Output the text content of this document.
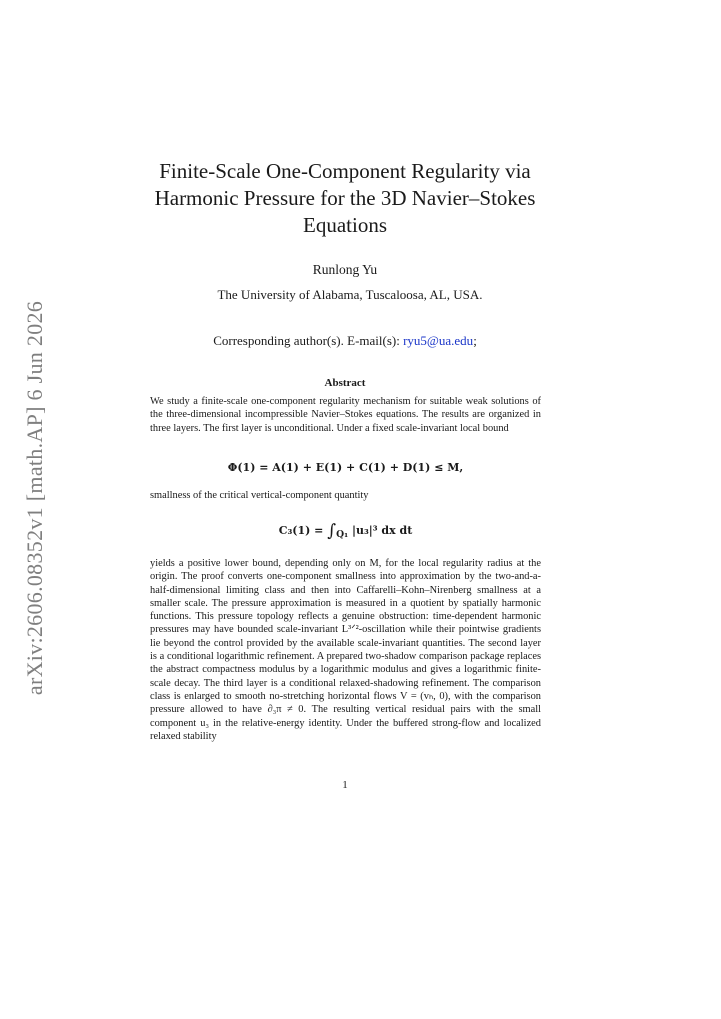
arXiv:2606.08352v1 [math.AP] 6 Jun 2026
Finite-Scale One-Component Regularity via Harmonic Pressure for the 3D Navier–Stokes Equations
Runlong Yu
The University of Alabama, Tuscaloosa, AL, USA.
Corresponding author(s). E-mail(s): ryu5@ua.edu;
Abstract

We study a finite-scale one-component regularity mechanism for suitable weak solutions of the three-dimensional incompressible Navier–Stokes equations. The results are organized in three layers. The first layer is unconditional. Under a fixed scale-invariant local bound

Φ(1) = A(1) + E(1) + C(1) + D(1) ≤ M,

smallness of the critical vertical-component quantity

$C_3(1) = \int_{Q_1}$ |u₃|³ dx dt

yields a positive lower bound, depending only on M, for the local regularity radius at the origin. The proof converts one-component smallness into approximation by the two-and-a-half-dimensional limiting class and then into Caffarelli–Kohn–Nirenberg smallness at a smaller scale. The pressure approximation is measured in a quotient by spatially harmonic functions. This pressure topology reflects a genuine obstruction: time-dependent harmonic pressures may have bounded scale-invariant L³ᐟ²-oscillation while their pointwise gradients lie beyond the control provided by the available scale-invariant quantities. The second layer is a conditional logarithmic refinement. A prepared two-shadow comparison package replaces the abstract compactness modulus by a logarithmic modulus and gives a logarithmic finite-scale decay. The third layer is a conditional relaxed-shadowing refinement. The comparison class is enlarged to smooth no-stretching horizontal flows V = (vₕ, 0), with the comparison pressure allowed to have ∂₃π ≠ 0. The resulting vertical residual pairs with the small component u₃ in the relative-energy identity. Under the buffered strong-flow and localized relaxed stability

1
